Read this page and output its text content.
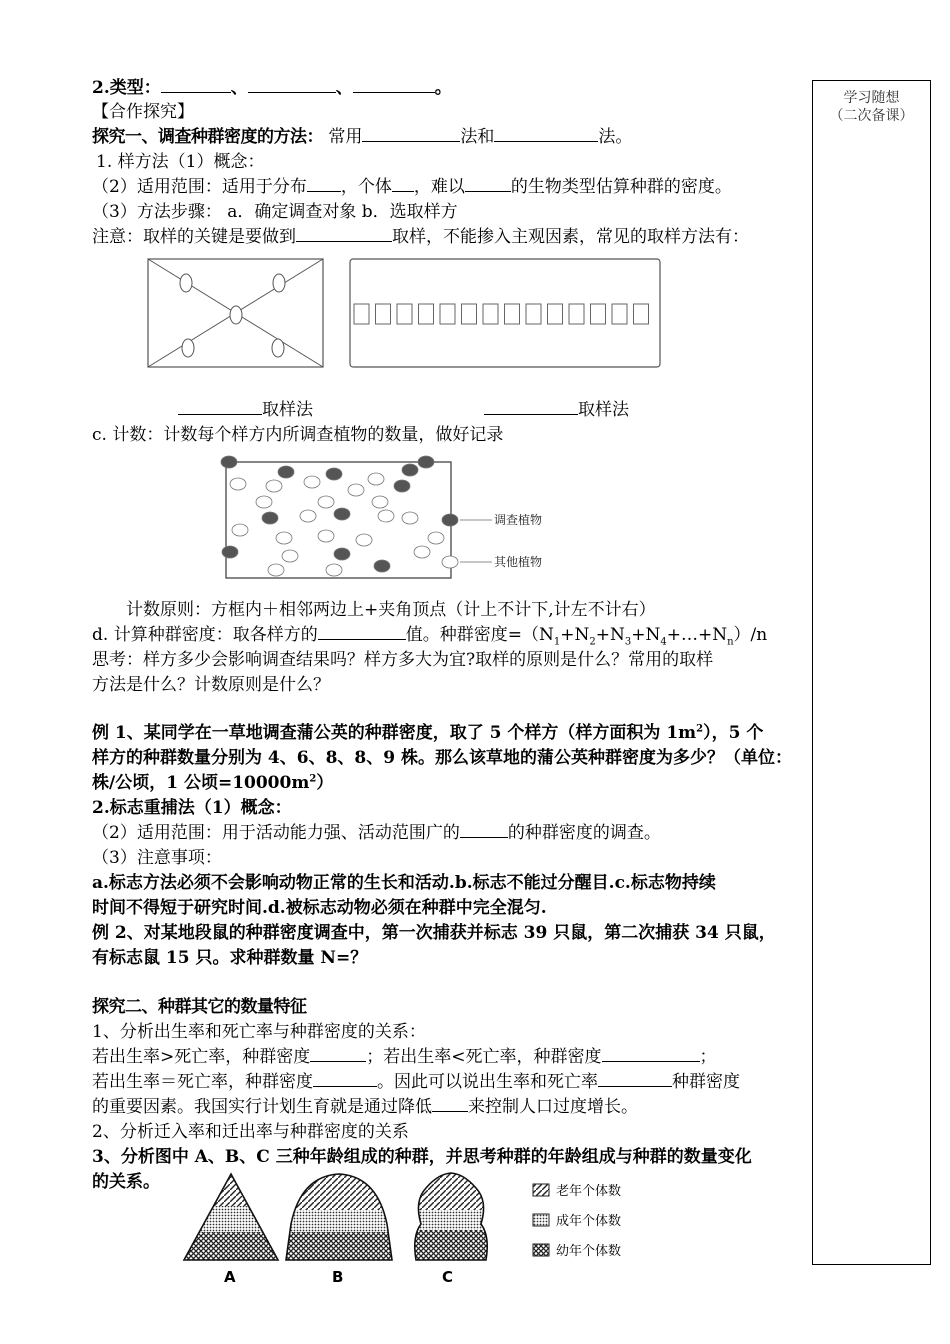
学习随想
（二次备课）
2.类型：	、	、	。
【合作探究】
探究一、调查种群密度的方法： 常用	法和	法。
1. 样方法（1）概念：
（2）适用范围：适用于分布 ，个体 ，难以	的生物类型估算种群的密度。
（3）方法步骤： a．确定调查对象 b．选取样方
注意：取样的关键是要做到	取样，不能掺入主观因素，常见的取样方法有：
取样法	取样法
c. 计数：计数每个样方内所调查植物的数量，做好记录
调查植物
其他植物
计数原则：方框内＋相邻两边上+夹角顶点（计上不计下,计左不计右）
d. 计算种群密度：取各样方的	值。种群密度$=(N_1+N_2+N_3+N_4+\dots+N_n)/n$
思考：样方多少会影响调查结果吗？样方多大为宜?取样的原则是什么？常用的取样
方法是什么？计数原则是什么？
例 1、某同学在一草地调查蒲公英的种群密度，取了 5 个样方（样方面积为 $1m^2$），5 个
样方的种群数量分别为 4、6、8、8、9 株。那么该草地的蒲公英种群密度为多少？（单位：
株/公顷，1 公顷$=10000m^2$）
2.标志重捕法（1）概念：
（2）适用范围：用于活动能力强、活动范围广的	的种群密度的调查。
（3）注意事项：
a.标志方法必须不会影响动物正常的生长和活动.b.标志不能过分醒目.c.标志物持续
时间不得短于研究时间.d.被标志动物必须在种群中完全混匀.
例 2、对某地段鼠的种群密度调查中，第一次捕获并标志 39 只鼠，第二次捕获 34 只鼠，
有标志鼠 15 只。求种群数量 N=？
探究二、种群其它的数量特征
1、分析出生率和死亡率与种群密度的关系：
若出生率>死亡率，种群密度	；若出生率<死亡率，种群密度	；
若出生率＝死亡率，种群密度	。因此可以说出生率和死亡率	种群密度
的重要因素。我国实行计划生育就是通过降低 来控制人口过度增长。
2、分析迁入率和迁出率与种群密度的关系
3、分析图中 A、B、C 三种年龄组成的种群，并思考种群的年龄组成与种群的数量变化
的关系。
A	B	C
老年个体数
成年个体数
幼年个体数
